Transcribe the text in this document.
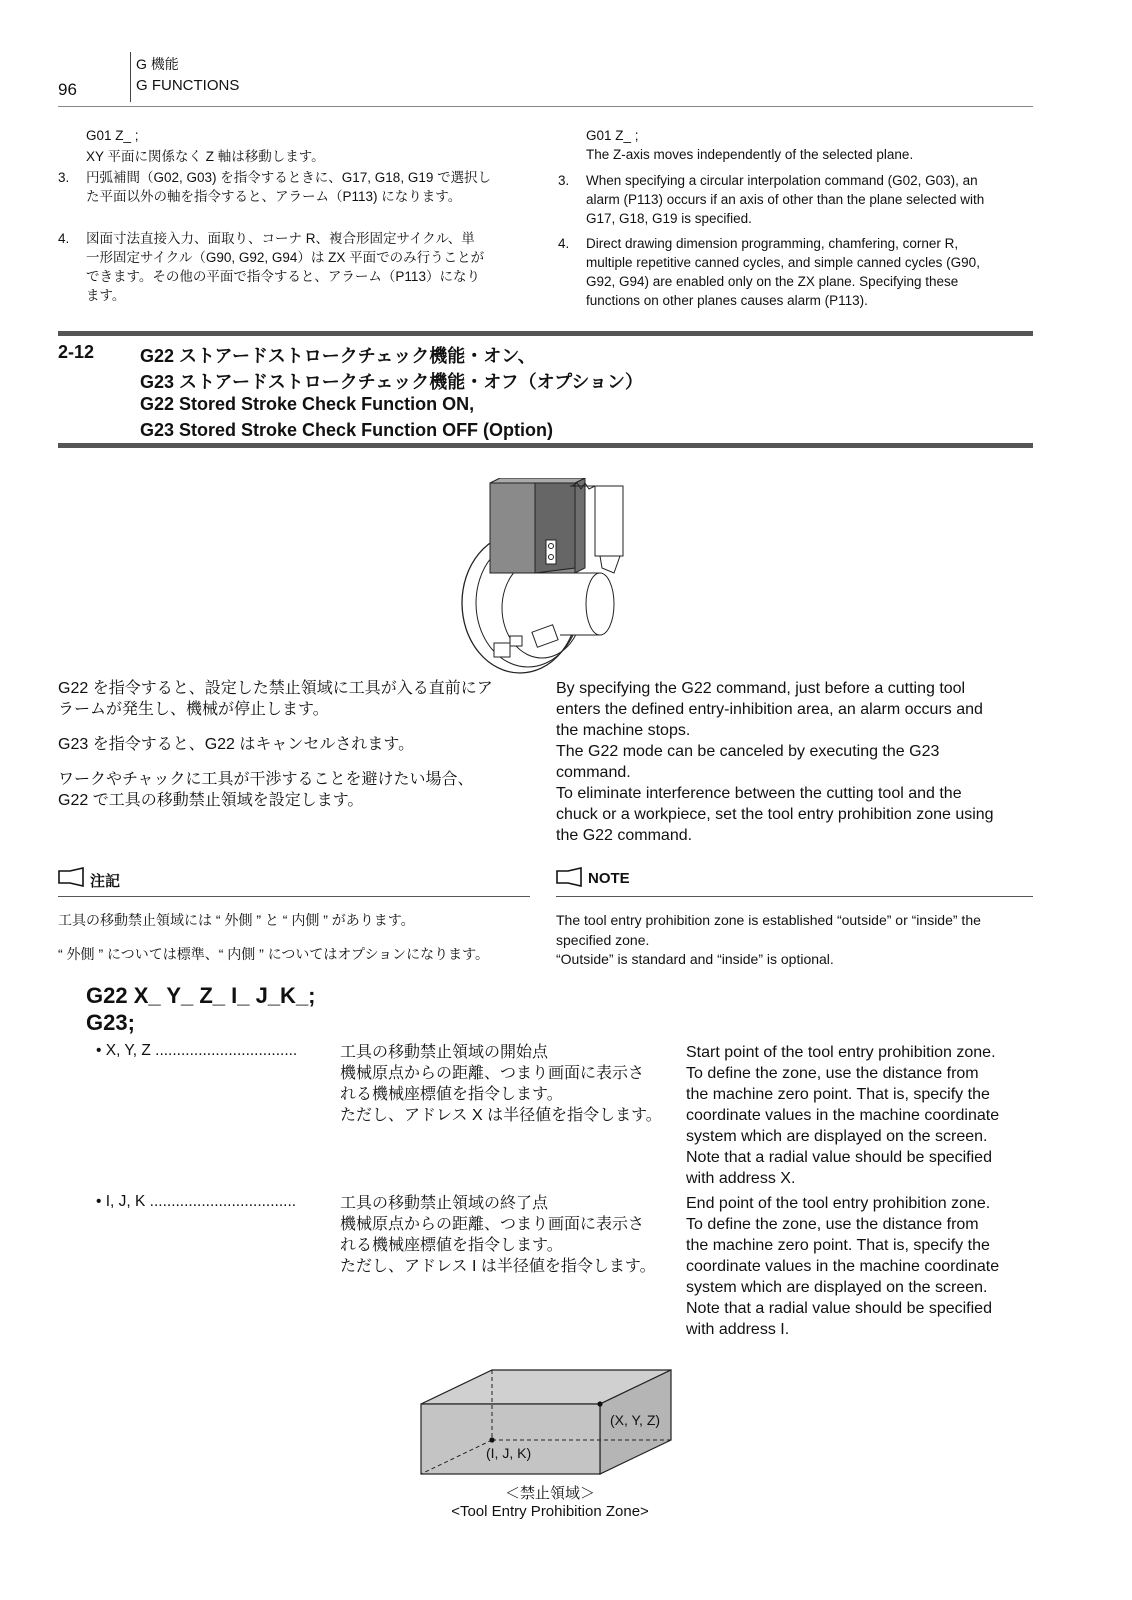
96
G 機能
G FUNCTIONS
G01 Z_ ;
XY 平面に関係なく Z 軸は移動します。
3. 円弧補間（G02, G03) を指令するときに、G17, G18, G19 で選択し
た平面以外の軸を指令すると、アラーム（P113) になります。
4. 図面寸法直接入力、面取り、コーナ R、複合形固定サイクル、単
一形固定サイクル（G90, G92, G94）は ZX 平面でのみ行うことが
できます。その他の平面で指令すると、アラーム（P113）になり
ます。
G01 Z_ ;
The Z-axis moves independently of the selected plane.
3. When specifying a circular interpolation command (G02, G03), an
alarm (P113) occurs if an axis of other than the plane selected with
G17, G18, G19 is specified.
4. Direct drawing dimension programming, chamfering, corner R,
multiple repetitive canned cycles, and simple canned cycles (G90,
G92, G94) are enabled only on the ZX plane. Specifying these
functions on other planes causes alarm (P113).
2-12	G22 ストアードストロークチェック機能・オン、
G23 ストアードストロークチェック機能・オフ（オプション）
G22 Stored Stroke Check Function ON,
G23 Stored Stroke Check Function OFF (Option)
G22 を指令すると、設定した禁止領域に工具が入る直前にア
ラームが発生し、機械が停止します。
G23 を指令すると、G22 はキャンセルされます。
ワークやチャックに工具が干渉することを避けたい場合、
G22 で工具の移動禁止領域を設定します。
By specifying the G22 command, just before a cutting tool
enters the defined entry-inhibition area, an alarm occurs and
the machine stops.
The G22 mode can be canceled by executing the G23
command.
To eliminate interference between the cutting tool and the
chuck or a workpiece, set the tool entry prohibition zone using
the G22 command.
注記	NOTE
工具の移動禁止領域には “ 外側 ” と “ 内側 ” があります。
“ 外側 ” については標準、“ 内側 ” についてはオプションになります。
The tool entry prohibition zone is established “outside” or “inside” the
specified zone.
“Outside” is standard and “inside” is optional.
G22 X_ Y_ Z_ I_ J_K_;
G23;
• X, Y, Z .................................	工具の移動禁止領域の開始点
機械原点からの距離、つまり画面に表示さ
れる機械座標値を指令します。
ただし、アドレス X は半径値を指令します。
Start point of the tool entry prohibition zone.
To define the zone, use the distance from
the machine zero point. That is, specify the
coordinate values in the machine coordinate
system which are displayed on the screen.
Note that a radial value should be specified
with address X.
• I, J, K ..................................	工具の移動禁止領域の終了点
機械原点からの距離、つまり画面に表示さ
れる機械座標値を指令します。
ただし、アドレス I は半径値を指令します。
End point of the tool entry prohibition zone.
To define the zone, use the distance from
the machine zero point. That is, specify the
coordinate values in the machine coordinate
system which are displayed on the screen.
Note that a radial value should be specified
with address I.
(X, Y, Z)
(I, J, K)
＜禁止領域＞
<Tool Entry Prohibition Zone>
